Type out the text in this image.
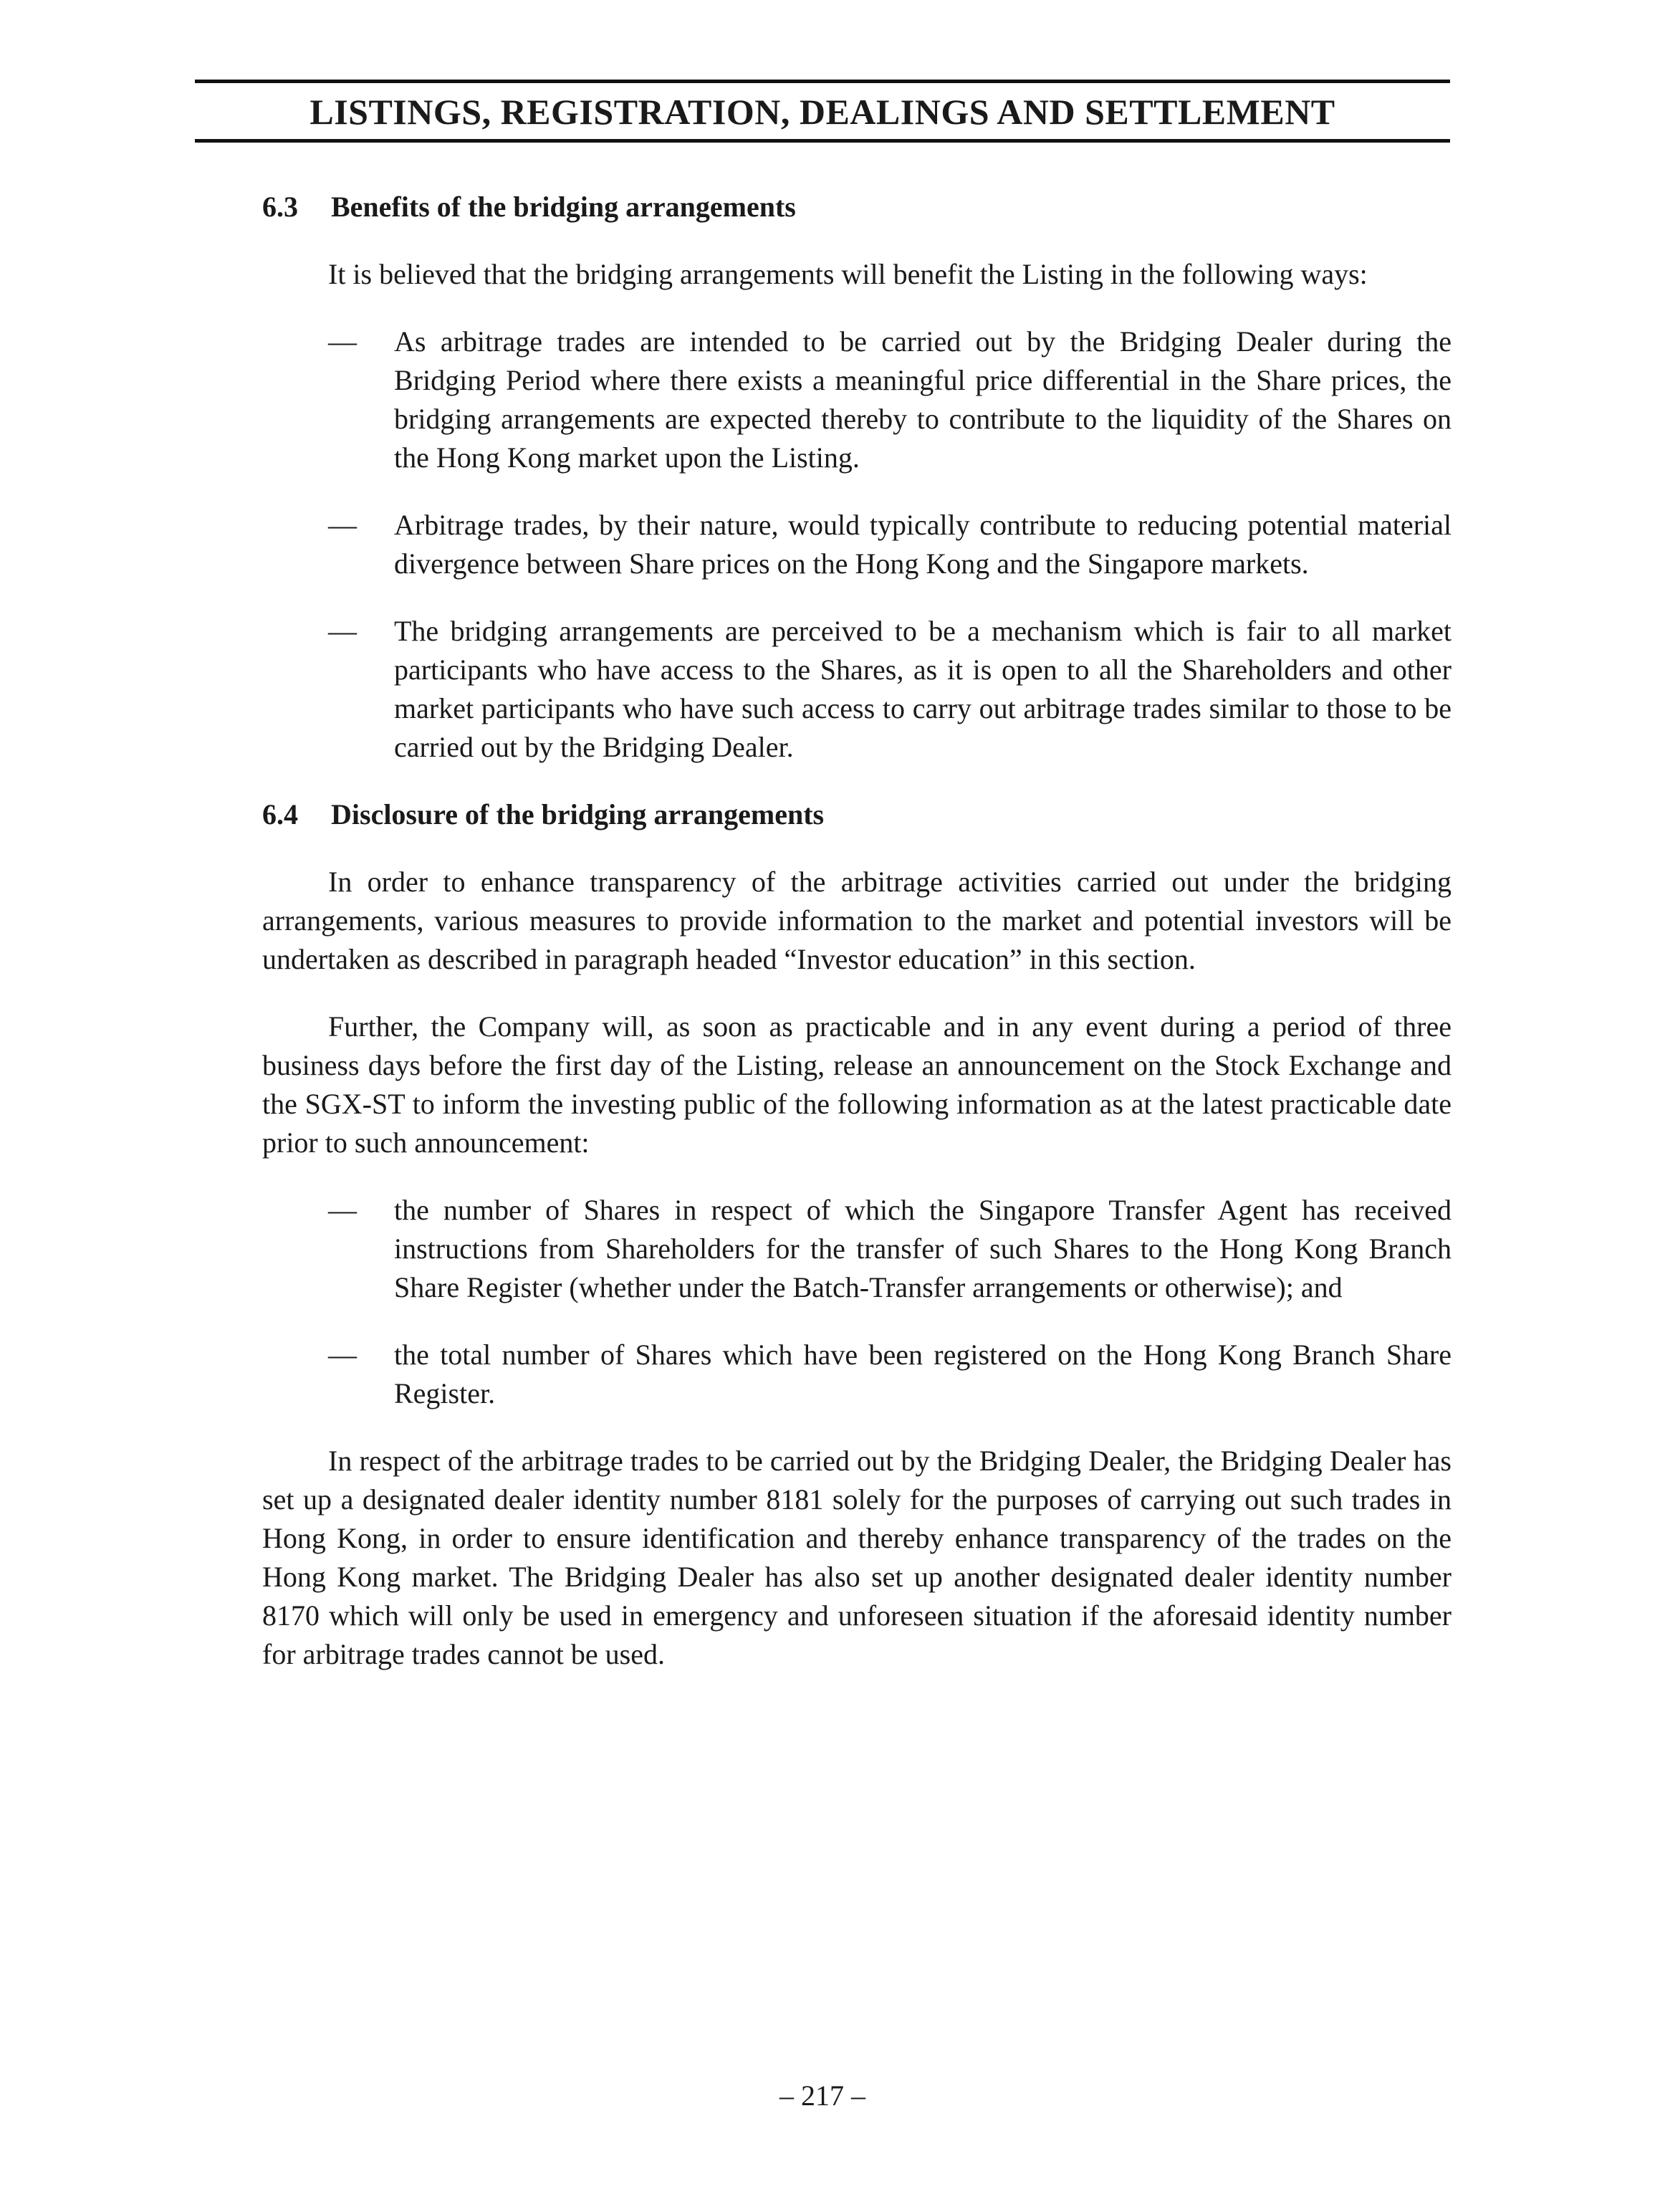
LISTINGS, REGISTRATION, DEALINGS AND SETTLEMENT
6.3	Benefits of the bridging arrangements

It is believed that the bridging arrangements will benefit the Listing in the following ways:

—	As arbitrage trades are intended to be carried out by the Bridging Dealer during the Bridging Period where there exists a meaningful price differential in the Share prices, the bridging arrangements are expected thereby to contribute to the liquidity of the Shares on the Hong Kong market upon the Listing.
—	Arbitrage trades, by their nature, would typically contribute to reducing potential material divergence between Share prices on the Hong Kong and the Singapore markets.
—	The bridging arrangements are perceived to be a mechanism which is fair to all market participants who have access to the Shares, as it is open to all the Shareholders and other market participants who have such access to carry out arbitrage trades similar to those to be carried out by the Bridging Dealer.
6.4	Disclosure of the bridging arrangements

In order to enhance transparency of the arbitrage activities carried out under the bridging arrangements, various measures to provide information to the market and potential investors will be undertaken as described in paragraph headed “Investor education” in this section.

Further, the Company will, as soon as practicable and in any event during a period of three business days before the first day of the Listing, release an announcement on the Stock Exchange and the SGX-ST to inform the investing public of the following information as at the latest practicable date prior to such announcement:

—	the number of Shares in respect of which the Singapore Transfer Agent has received instructions from Shareholders for the transfer of such Shares to the Hong Kong Branch Share Register (whether under the Batch-Transfer arrangements or otherwise); and
—	the total number of Shares which have been registered on the Hong Kong Branch Share Register.

In respect of the arbitrage trades to be carried out by the Bridging Dealer, the Bridging Dealer has set up a designated dealer identity number 8181 solely for the purposes of carrying out such trades in Hong Kong, in order to ensure identification and thereby enhance transparency of the trades on the Hong Kong market. The Bridging Dealer has also set up another designated dealer identity number 8170 which will only be used in emergency and unforeseen situation if the aforesaid identity number for arbitrage trades cannot be used.

– 217 –
